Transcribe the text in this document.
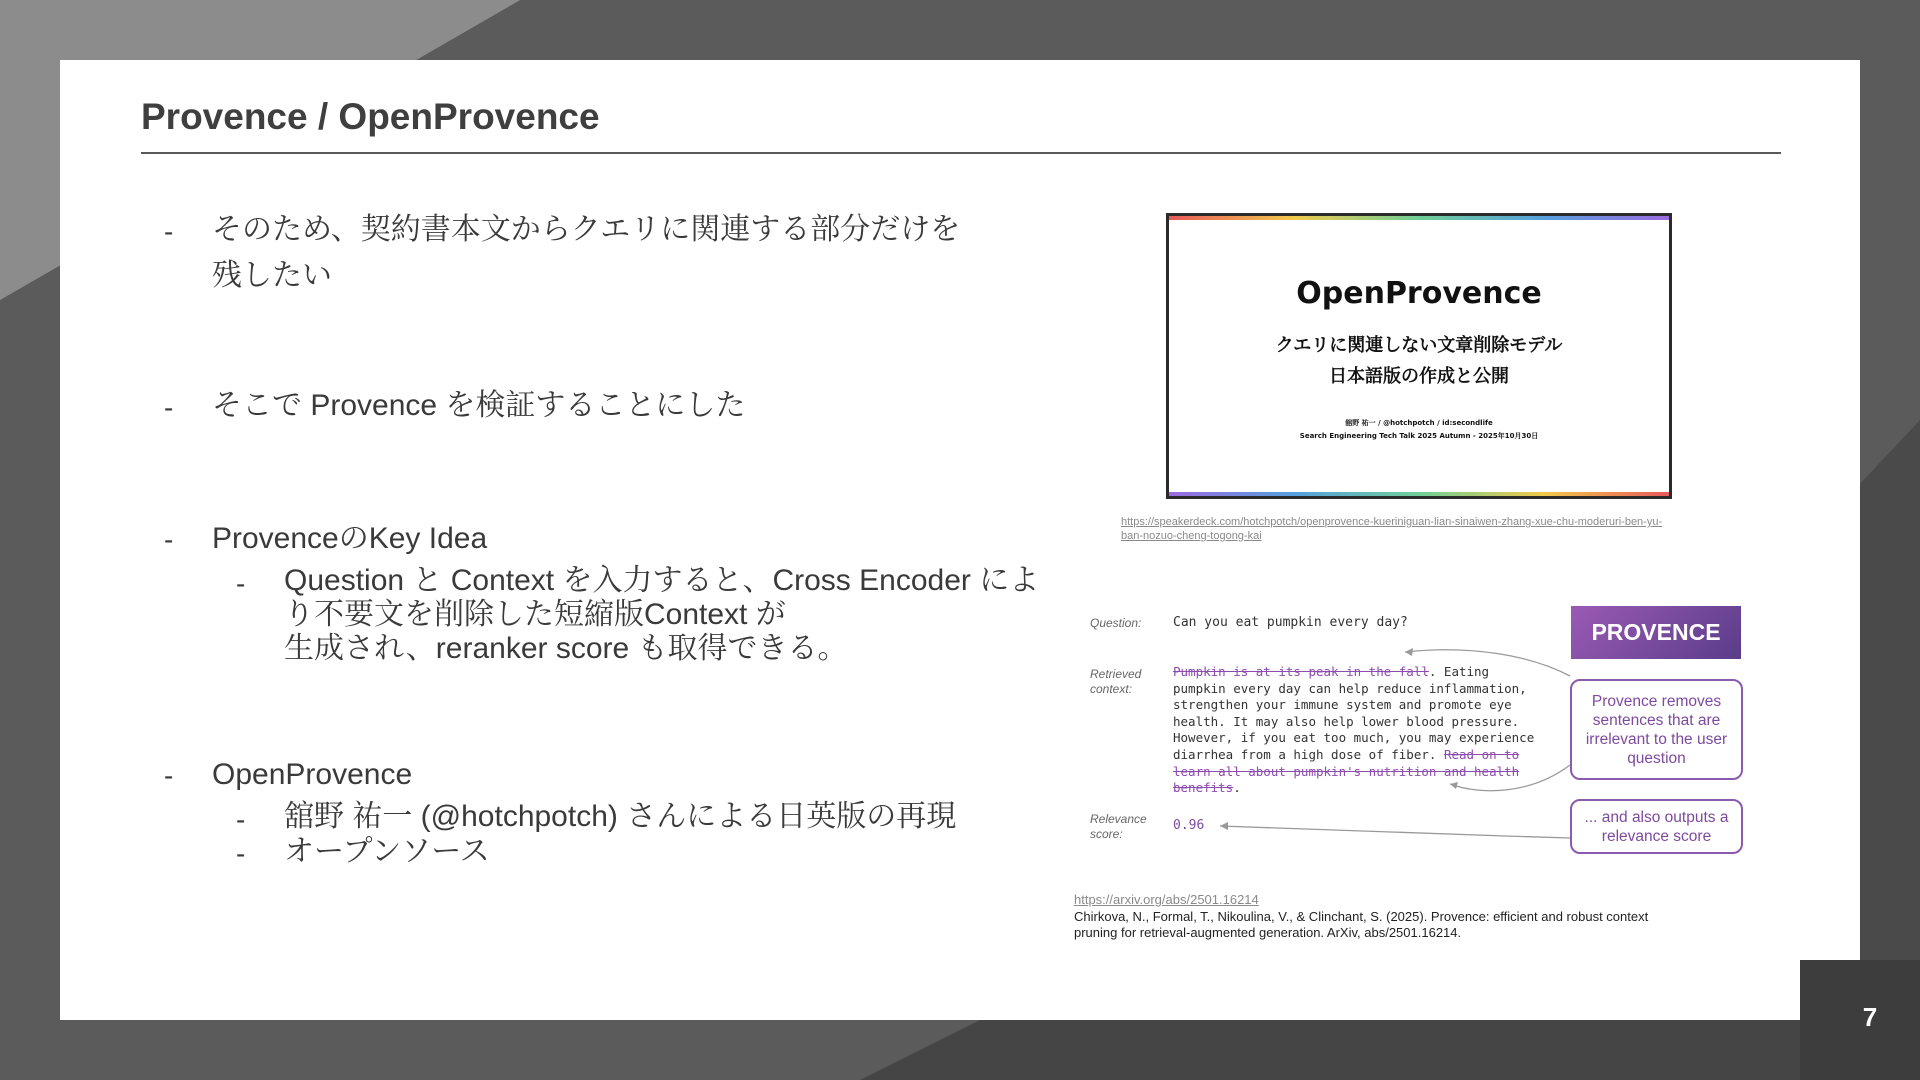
Provence / OpenProvence
- そのため、契約書本文からクエリに関連する部分だけを
残したい
- そこで Provence を検証することにした
- ProvenceのKey Idea
- Question と Context を入力すると、Cross Encoder によ
り不要文を削除した短縮版Context が
生成され、reranker score も取得できる。
- OpenProvence
- 舘野 祐一 (@hotchpotch) さんによる日英版の再現
- オープンソース
OpenProvence
クエリに関連しない文章削除モデル
日本語版の作成と公開
舘野 祐一 / @hotchpotch / id:secondlife
Search Engineering Tech Talk 2025 Autumn - 2025年10月30日
https://speakerdeck.com/hotchpotch/openprovence-kueriniguan-lian-sinaiwen-zhang-xue-chu-moderuri-ben-yu-
ban-nozuo-cheng-togong-kai
Question: Can you eat pumpkin every day?
Retrieved
context:
Pumpkin is at its peak in the fall. Eating
pumpkin every day can help reduce inflammation,
strengthen your immune system and promote eye
health. It may also help lower blood pressure.
However, if you eat too much, you may experience
diarrhea from a high dose of fiber. Read on to
learn all about pumpkin's nutrition and health
benefits.
Relevance
score:
0.96
PROVENCE
Provence removes sentences that are irrelevant to the user question
... and also outputs a relevance score
https://arxiv.org/abs/2501.16214
Chirkova, N., Formal, T., Nikoulina, V., & Clinchant, S. (2025). Provence: efficient and robust context
pruning for retrieval-augmented generation. ArXiv, abs/2501.16214.
7
